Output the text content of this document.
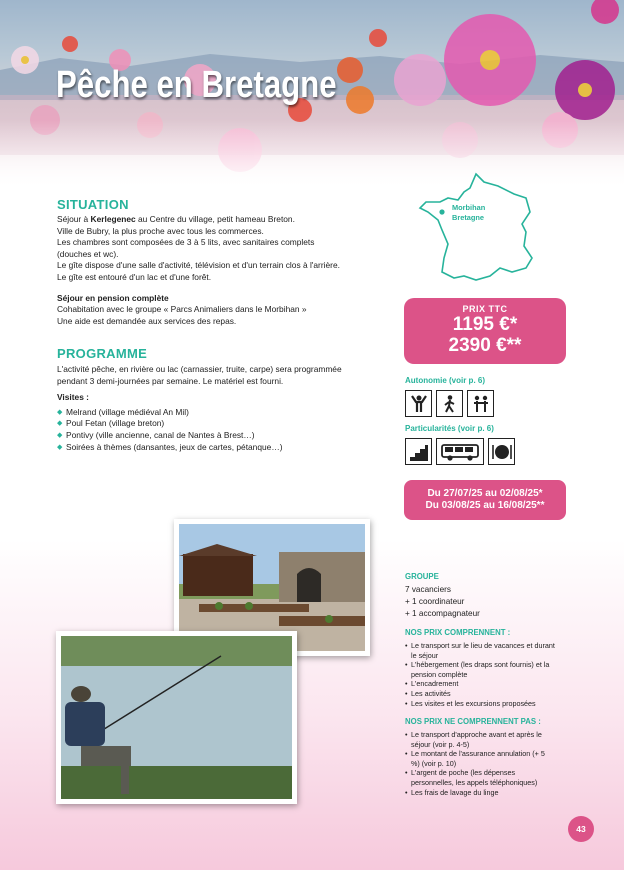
Pêche en Bretagne
SITUATION

Séjour à Kerlegenec au Centre du village, petit hameau Breton.

Ville de Bubry, la plus proche avec tous les commerces.

Les chambres sont composées de 3 à 5 lits, avec sanitaires complets

(douches et wc).

Le gîte dispose d'une salle d'activité, télévision et d'un terrain clos à l'arrière.

Le gîte est entouré d'un lac et d'une forêt.

Séjour en pension complète

Cohabitation avec le groupe « Parcs Animaliers dans le Morbihan »

Une aide est demandée aux services des repas.

PROGRAMME

L'activité pêche, en rivière ou lac (carnassier, truite, carpe) sera programmée

pendant 3 demi-journées par semaine. Le matériel est fourni.

Visites :

◆ Melrand (village médiéval An Mil)
◆ Poul Fetan (village breton)
◆ Pontivy (ville ancienne, canal de Nantes à Brest…)
◆ Soirées à thèmes (dansantes, jeux de cartes, pétanque…)
Morbihan
Bretagne
PRIX TTC
1195 €*
2390 €**
Autonomie (voir p. 6)
Particularités (voir p. 6)
Du 27/07/25 au 02/08/25*
Du 03/08/25 au 16/08/25**
GROUPE
7 vacanciers
+ 1 coordinateur
+ 1 accompagnateur
NOS PRIX COMPRENNENT :
• Le transport sur le lieu de vacances et durant le séjour
• L'hébergement (les draps sont fournis) et la pension complète
• L'encadrement
• Les activités
• Les visites et les excursions proposées
NOS PRIX NE COMPRENNENT PAS :
• Le transport d'approche avant et après le séjour (voir p. 4-5)
• Le montant de l'assurance annulation (+ 5 %) (voir p. 10)
• L'argent de poche (les dépenses personnelles, les appels téléphoniques)
• Les frais de lavage du linge
43
